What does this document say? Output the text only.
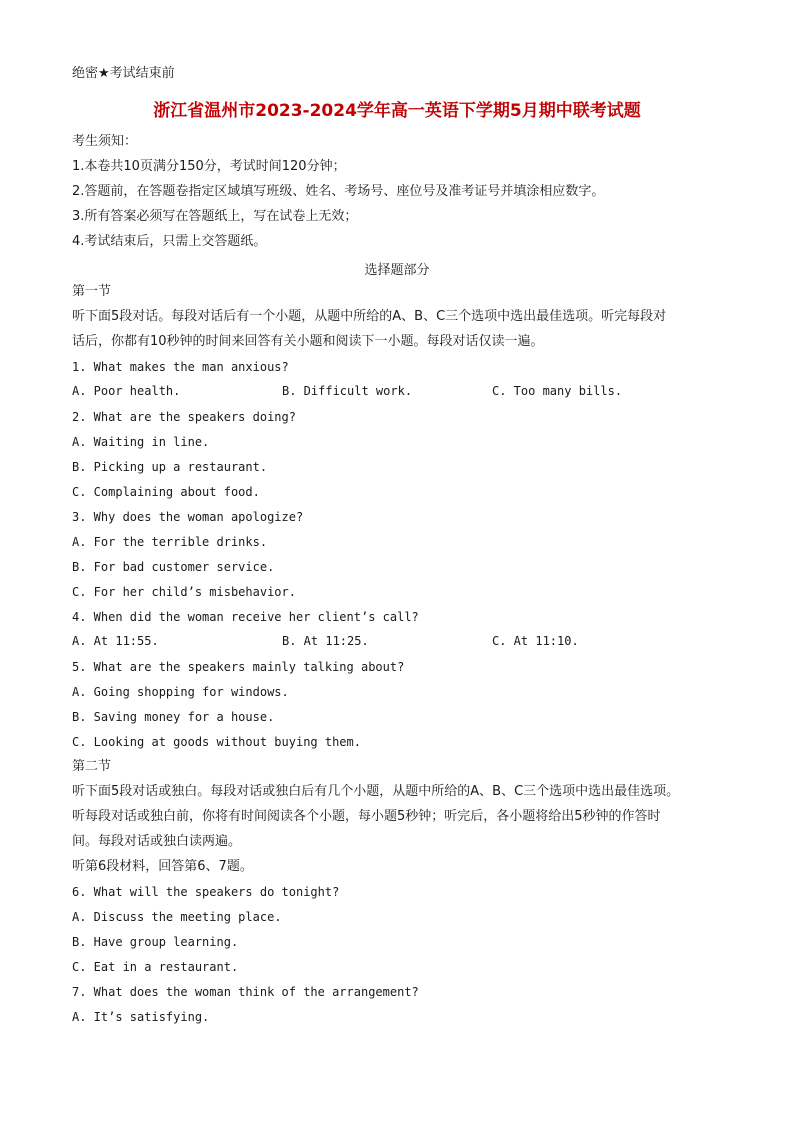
绝密★考试结束前
浙江省温州市2023-2024学年高一英语下学期5月期中联考试题
考生须知：
1.本卷共10页满分150分，考试时间120分钟；
2.答题前，在答题卷指定区域填写班级、姓名、考场号、座位号及准考证号并填涂相应数字。
3.所有答案必须写在答题纸上，写在试卷上无效；
4.考试结束后，只需上交答题纸。
选择题部分
第一节
听下面5段对话。每段对话后有一个小题，从题中所给的A、B、C三个选项中选出最佳选项。听完每段对
话后，你都有10秒钟的时间来回答有关小题和阅读下一小题。每段对话仅读一遍。
1. What makes the man anxious?
A. Poor health.	B. Difficult work.	C. Too many bills.
2. What are the speakers doing?
A. Waiting in line.
B. Picking up a restaurant.
C. Complaining about food.
3. Why does the woman apologize?
A. For the terrible drinks.
B. For bad customer service.
C. For her child’s misbehavior.
4. When did the woman receive her client’s call?
A. At 11:55.	B. At 11:25.	C. At 11:10.
5. What are the speakers mainly talking about?
A. Going shopping for windows.
B. Saving money for a house.
C. Looking at goods without buying them.
第二节
听下面5段对话或独白。每段对话或独白后有几个小题，从题中所给的A、B、C三个选项中选出最佳选项。
听每段对话或独白前，你将有时间阅读各个小题，每小题5秒钟；听完后，各小题将给出5秒钟的作答时
间。每段对话或独白读两遍。
听第6段材料，回答第6、7题。
6. What will the speakers do tonight?
A. Discuss the meeting place.
B. Have group learning.
C. Eat in a restaurant.
7. What does the woman think of the arrangement?
A. It’s satisfying.
